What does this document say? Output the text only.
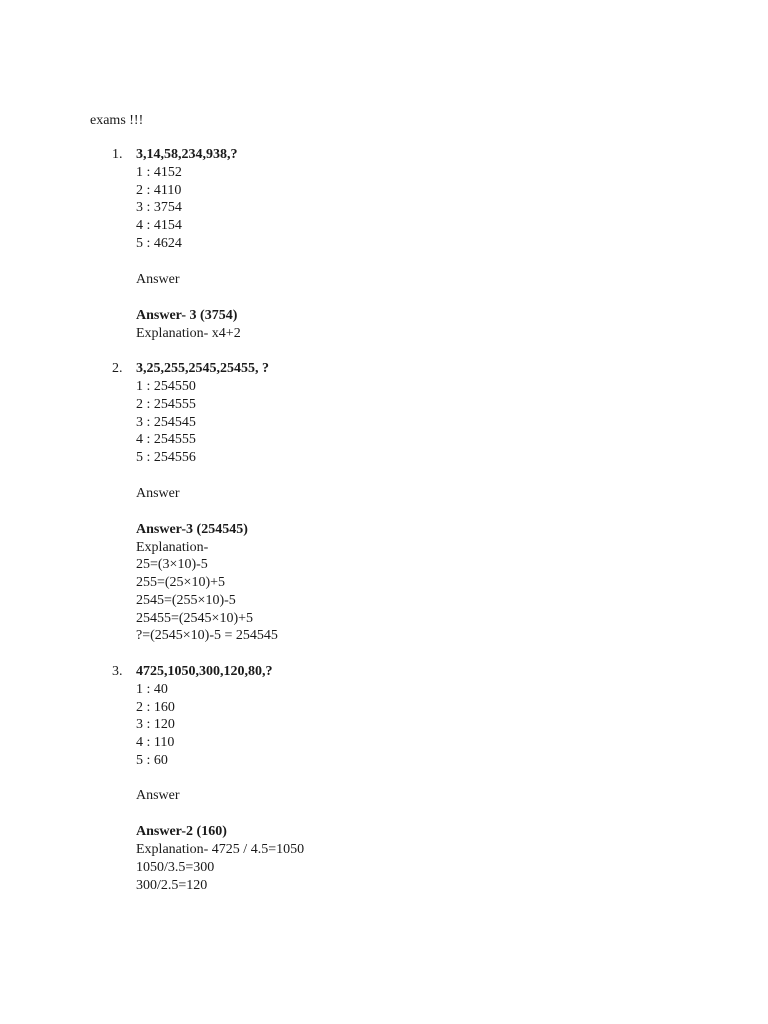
exams !!!

1. 3,14,58,234,938,?

1 : 4152
2 : 4110
3 : 3754
4 : 4154
5 : 4624
Answer
Answer- 3 (3754)
Explanation- x4+2
2. 3,25,255,2545,25455, ?

1 : 254550
2 : 254555
3 : 254545
4 : 254555
5 : 254556
Answer
Answer-3 (254545)
Explanation-
25=(3×10)-5
255=(25×10)+5
2545=(255×10)-5
25455=(2545×10)+5
?=(2545×10)-5 = 254545
3. 4725,1050,300,120,80,?

1 : 40
2 : 160
3 : 120
4 : 110
5 : 60
Answer
Answer-2 (160)
Explanation- 4725 / 4.5=1050
1050/3.5=300
300/2.5=120
